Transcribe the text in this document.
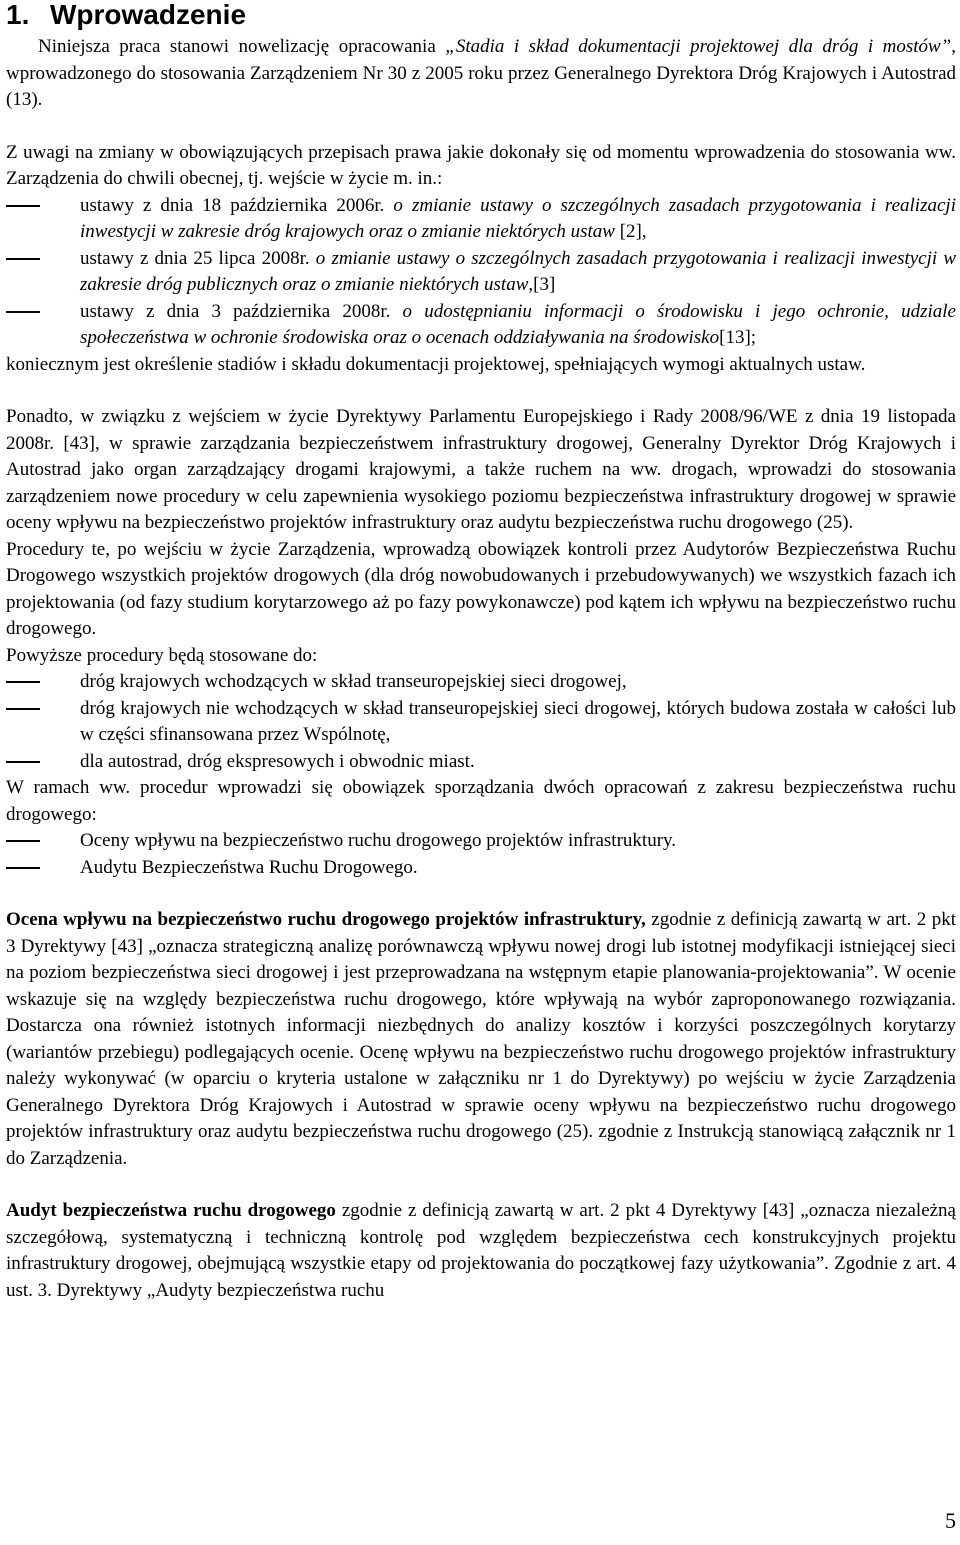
1. Wprowadzenie

Niniejsza praca stanowi nowelizację opracowania „Stadia i skład dokumentacji projektowej dla dróg i mostów”, wprowadzonego do stosowania Zarządzeniem Nr 30 z 2005 roku przez Generalnego Dyrektora Dróg Krajowych i Autostrad (13).

Z uwagi na zmiany w obowiązujących przepisach prawa jakie dokonały się od momentu wprowadzenia do stosowania ww. Zarządzenia do chwili obecnej, tj. wejście w życie m. in.:

ustawy z dnia 18 października 2006r. o zmianie ustawy o szczególnych zasadach przygotowania i realizacji inwestycji w zakresie dróg krajowych oraz o zmianie niektórych ustaw [2],
ustawy z dnia 25 lipca 2008r. o zmianie ustawy o szczególnych zasadach przygotowania i realizacji inwestycji w zakresie dróg publicznych oraz o zmianie niektórych ustaw,[3]
ustawy z dnia 3 października 2008r. o udostępnianiu informacji o środowisku i jego ochronie, udziale społeczeństwa w ochronie środowiska oraz o ocenach oddziaływania na środowisko[13];

koniecznym jest określenie stadiów i składu dokumentacji projektowej, spełniających wymogi aktualnych ustaw.

Ponadto, w związku z wejściem w życie Dyrektywy Parlamentu Europejskiego i Rady 2008/96/WE z dnia 19 listopada 2008r. [43], w sprawie zarządzania bezpieczeństwem infrastruktury drogowej, Generalny Dyrektor Dróg Krajowych i Autostrad jako organ zarządzający drogami krajowymi, a także ruchem na ww. drogach, wprowadzi do stosowania zarządzeniem nowe procedury w celu zapewnienia wysokiego poziomu bezpieczeństwa infrastruktury drogowej w sprawie oceny wpływu na bezpieczeństwo projektów infrastruktury oraz audytu bezpieczeństwa ruchu drogowego (25).

Procedury te, po wejściu w życie Zarządzenia, wprowadzą obowiązek kontroli przez Audytorów Bezpieczeństwa Ruchu Drogowego wszystkich projektów drogowych (dla dróg nowobudowanych i przebudowywanych) we wszystkich fazach ich projektowania (od fazy studium korytarzowego aż po fazy powykonawcze) pod kątem ich wpływu na bezpieczeństwo ruchu drogowego.

Powyższe procedury będą stosowane do:

dróg krajowych wchodzących w skład transeuropejskiej sieci drogowej,
dróg krajowych nie wchodzących w skład transeuropejskiej sieci drogowej, których budowa została w całości lub w części sfinansowana przez Wspólnotę,
dla autostrad, dróg ekspresowych i obwodnic miast.

W ramach ww. procedur wprowadzi się obowiązek sporządzania dwóch opracowań z zakresu bezpieczeństwa ruchu drogowego:

Oceny wpływu na bezpieczeństwo ruchu drogowego projektów infrastruktury.
Audytu Bezpieczeństwa Ruchu Drogowego.

Ocena wpływu na bezpieczeństwo ruchu drogowego projektów infrastruktury, zgodnie z definicją zawartą w art. 2 pkt 3 Dyrektywy [43] „oznacza strategiczną analizę porównawczą wpływu nowej drogi lub istotnej modyfikacji istniejącej sieci na poziom bezpieczeństwa sieci drogowej i jest przeprowadzana na wstępnym etapie planowania-projektowania”. W ocenie wskazuje się na względy bezpieczeństwa ruchu drogowego, które wpływają na wybór zaproponowanego rozwiązania. Dostarcza ona również istotnych informacji niezbędnych do analizy kosztów i korzyści poszczególnych korytarzy (wariantów przebiegu) podlegających ocenie. Ocenę wpływu na bezpieczeństwo ruchu drogowego projektów infrastruktury należy wykonywać (w oparciu o kryteria ustalone w załączniku nr 1 do Dyrektywy) po wejściu w życie Zarządzenia Generalnego Dyrektora Dróg Krajowych i Autostrad w sprawie oceny wpływu na bezpieczeństwo ruchu drogowego projektów infrastruktury oraz audytu bezpieczeństwa ruchu drogowego (25). zgodnie z Instrukcją stanowiącą załącznik nr 1 do Zarządzenia.

Audyt bezpieczeństwa ruchu drogowego zgodnie z definicją zawartą w art. 2 pkt 4 Dyrektywy [43] „oznacza niezależną szczegółową, systematyczną i techniczną kontrolę pod względem bezpieczeństwa cech konstrukcyjnych projektu infrastruktury drogowej, obejmującą wszystkie etapy od projektowania do początkowej fazy użytkowania”. Zgodnie z art. 4 ust. 3. Dyrektywy „Audyty bezpieczeństwa ruchu

5
